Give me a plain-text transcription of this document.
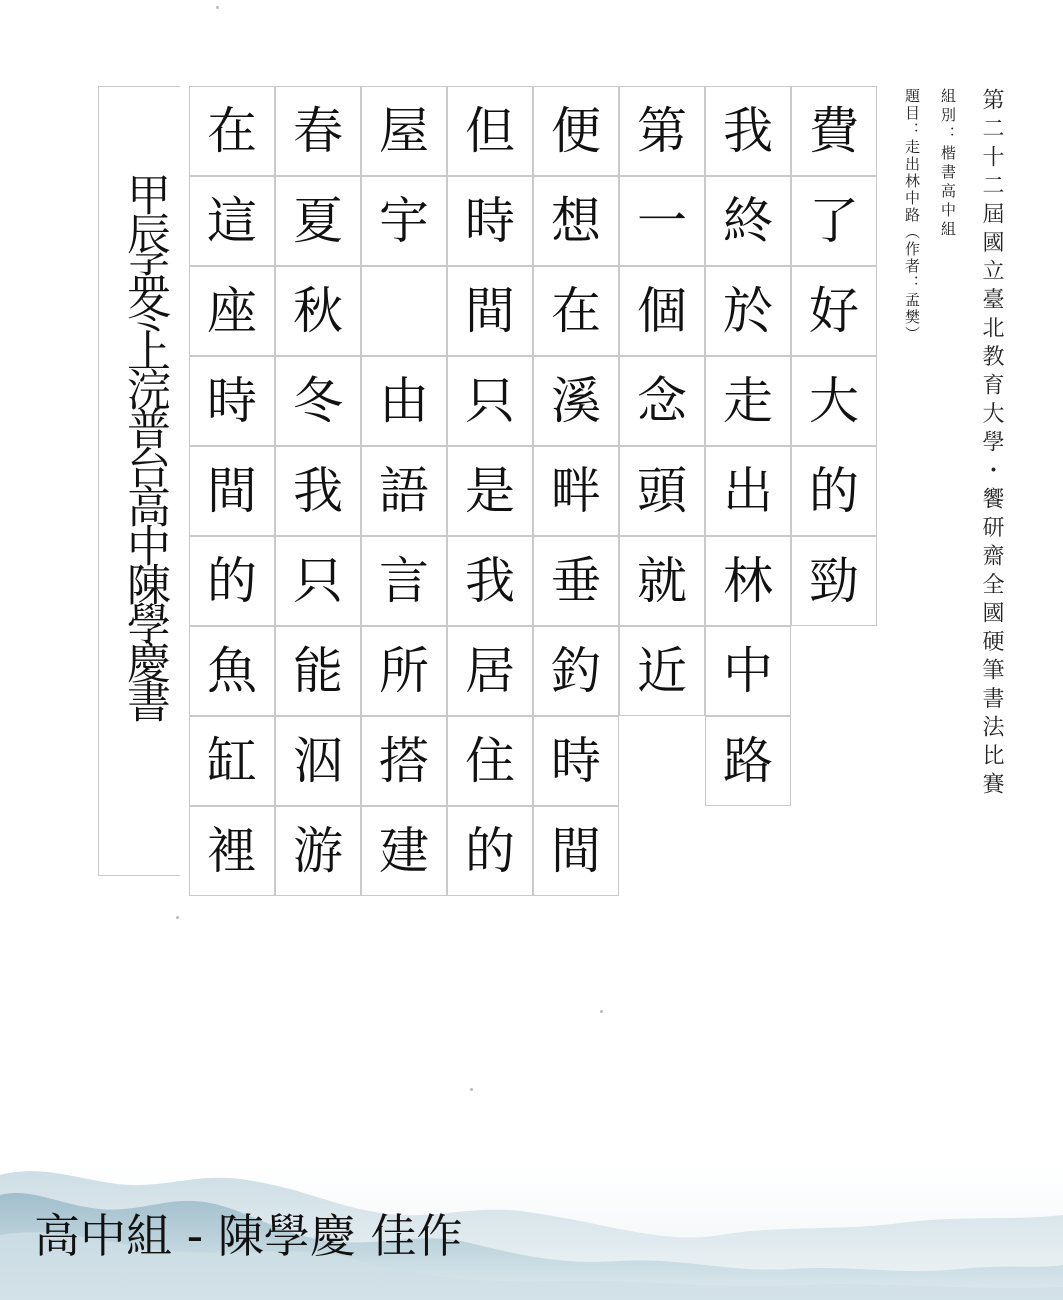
第二十二屆國立臺北教育大學・饗研齋全國硬筆書法比賽
組別：楷書高中組
題目：走出林中路（作者：孟樊）
費
了
好
大
的
勁
我
終
於
走
出
林
中
路
第
一
個
念
頭
就
近
便
想
在
溪
畔
垂
釣
時
間
但
時
間
只
是
我
居
住
的
屋
宇
由
語
言
所
搭
建
春
夏
秋
冬
我
只
能
泅
游
在
這
座
時
間
的
魚
缸
裡
甲辰孟冬上浣普台高中陳學慶書
高中組 - 陳學慶 佳作
